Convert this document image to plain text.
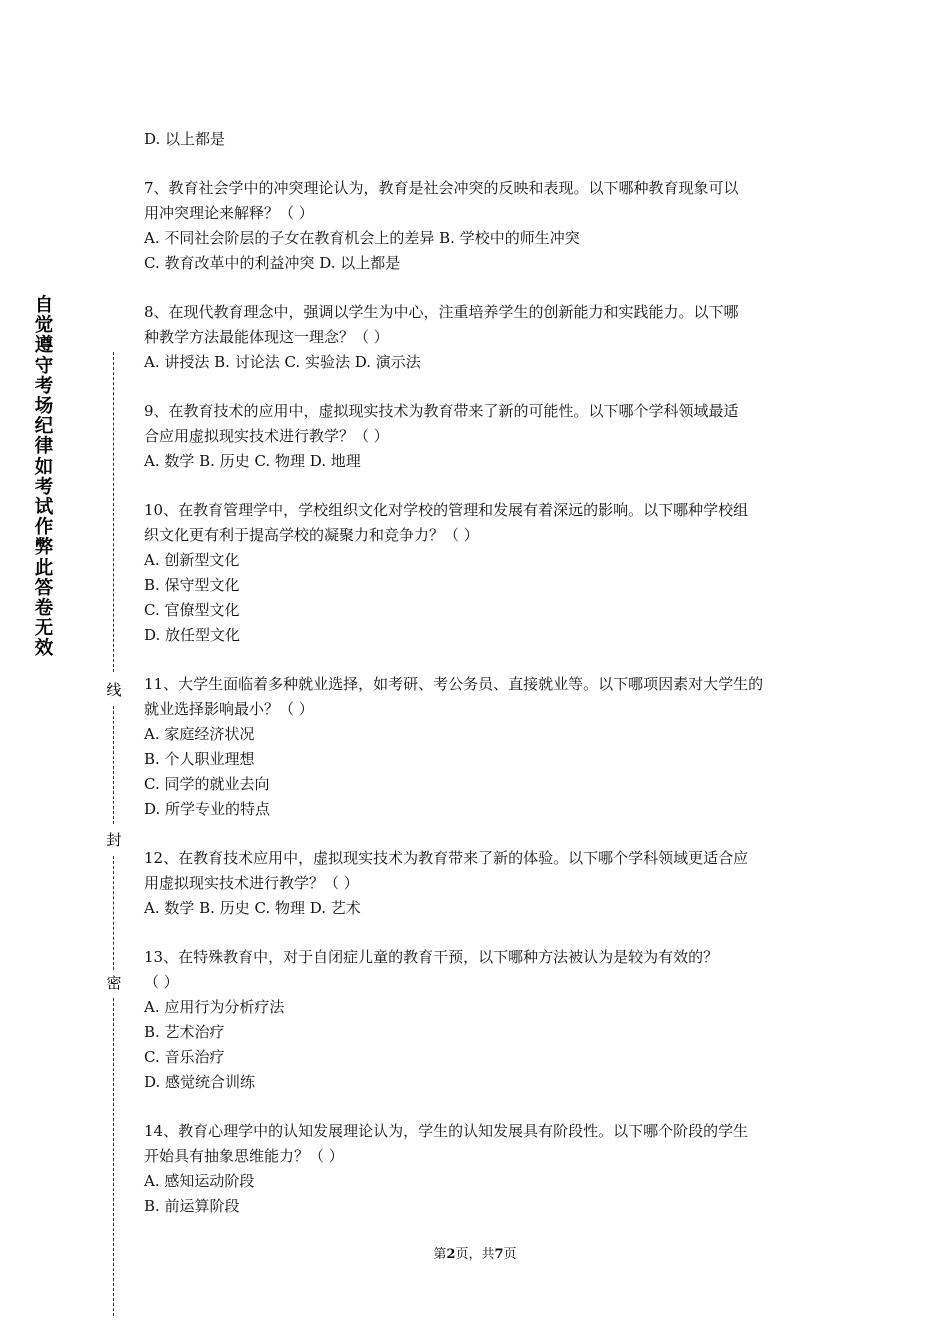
自
觉
遵
守
考
场
纪
律
如
考
试
作
弊
此
答
卷
无
效
线
封
密
D. 以上都是
7、教育社会学中的冲突理论认为，教育是社会冲突的反映和表现。以下哪种教育现象可以
用冲突理论来解释？（ ）
A. 不同社会阶层的子女在教育机会上的差异 B. 学校中的师生冲突
C. 教育改革中的利益冲突 D. 以上都是
8、在现代教育理念中，强调以学生为中心，注重培养学生的创新能力和实践能力。以下哪
种教学方法最能体现这一理念？（ ）
A. 讲授法 B. 讨论法 C. 实验法 D. 演示法
9、在教育技术的应用中，虚拟现实技术为教育带来了新的可能性。以下哪个学科领域最适
合应用虚拟现实技术进行教学？（ ）
A. 数学 B. 历史 C. 物理 D. 地理
10、在教育管理学中，学校组织文化对学校的管理和发展有着深远的影响。以下哪种学校组
织文化更有利于提高学校的凝聚力和竞争力？（ ）
A. 创新型文化
B. 保守型文化
C. 官僚型文化
D. 放任型文化
11、大学生面临着多种就业选择，如考研、考公务员、直接就业等。以下哪项因素对大学生的
就业选择影响最小？（ ）
A. 家庭经济状况
B. 个人职业理想
C. 同学的就业去向
D. 所学专业的特点
12、在教育技术应用中，虚拟现实技术为教育带来了新的体验。以下哪个学科领域更适合应
用虚拟现实技术进行教学？（ ）
A. 数学 B. 历史 C. 物理 D. 艺术
13、在特殊教育中，对于自闭症儿童的教育干预，以下哪种方法被认为是较为有效的？
（ ）
A. 应用行为分析疗法
B. 艺术治疗
C. 音乐治疗
D. 感觉统合训练
14、教育心理学中的认知发展理论认为，学生的认知发展具有阶段性。以下哪个阶段的学生
开始具有抽象思维能力？（ ）
A. 感知运动阶段
B. 前运算阶段
第2页，共7页
